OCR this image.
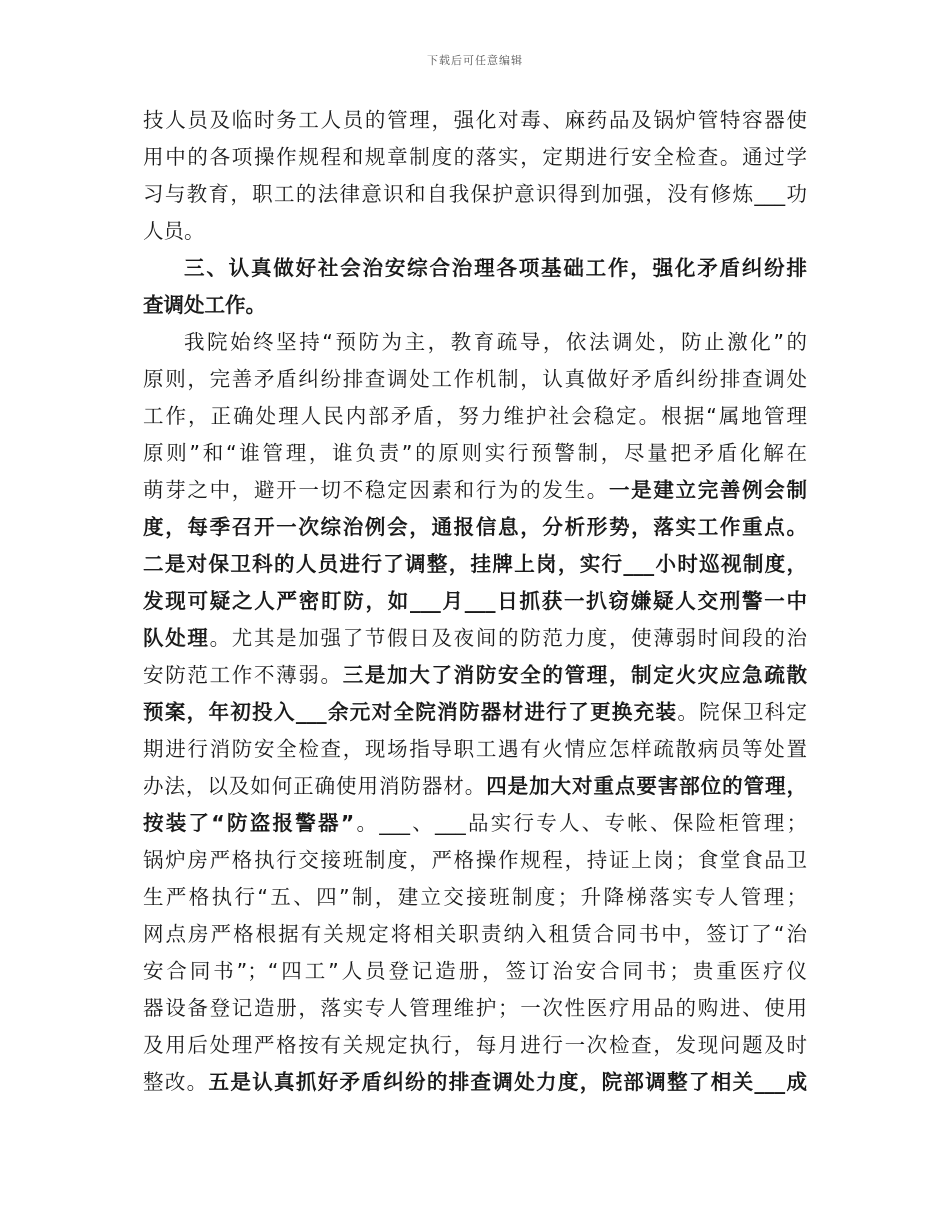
下载后可任意编辑
技人员及临时务工人员的管理，强化对毒、麻药品及锅炉管特容器使
用中的各项操作规程和规章制度的落实，定期进行安全检查。通过学
习与教育，职工的法律意识和自我保护意识得到加强，没有修炼___功
人员。
三、认真做好社会治安综合治理各项基础工作，强化矛盾纠纷排
查调处工作。
我院始终坚持“预防为主，教育疏导，依法调处，防止激化”的
原则，完善矛盾纠纷排查调处工作机制，认真做好矛盾纠纷排查调处
工作，正确处理人民内部矛盾，努力维护社会稳定。根据“属地管理
原则”和“谁管理，谁负责”的原则实行预警制，尽量把矛盾化解在
萌芽之中，避开一切不稳定因素和行为的发生。一是建立完善例会制
度，每季召开一次综治例会，通报信息，分析形势，落实工作重点。
二是对保卫科的人员进行了调整，挂牌上岗，实行___小时巡视制度，
发现可疑之人严密盯防，如___月___日抓获一扒窃嫌疑人交刑警一中
队处理。尤其是加强了节假日及夜间的防范力度，使薄弱时间段的治
安防范工作不薄弱。三是加大了消防安全的管理，制定火灾应急疏散
预案，年初投入___余元对全院消防器材进行了更换充装。院保卫科定
期进行消防安全检查，现场指导职工遇有火情应怎样疏散病员等处置
办法，以及如何正确使用消防器材。四是加大对重点要害部位的管理，
按装了“防盗报警器”。___、___品实行专人、专帐、保险柜管理；
锅炉房严格执行交接班制度，严格操作规程，持证上岗；食堂食品卫
生严格执行“五、四”制，建立交接班制度；升降梯落实专人管理；
网点房严格根据有关规定将相关职责纳入租赁合同书中，签订了“治
安合同书”；“四工”人员登记造册，签订治安合同书；贵重医疗仪
器设备登记造册，落实专人管理维护；一次性医疗用品的购进、使用
及用后处理严格按有关规定执行，每月进行一次检查，发现问题及时
整改。五是认真抓好矛盾纠纷的排查调处力度，院部调整了相关___成
